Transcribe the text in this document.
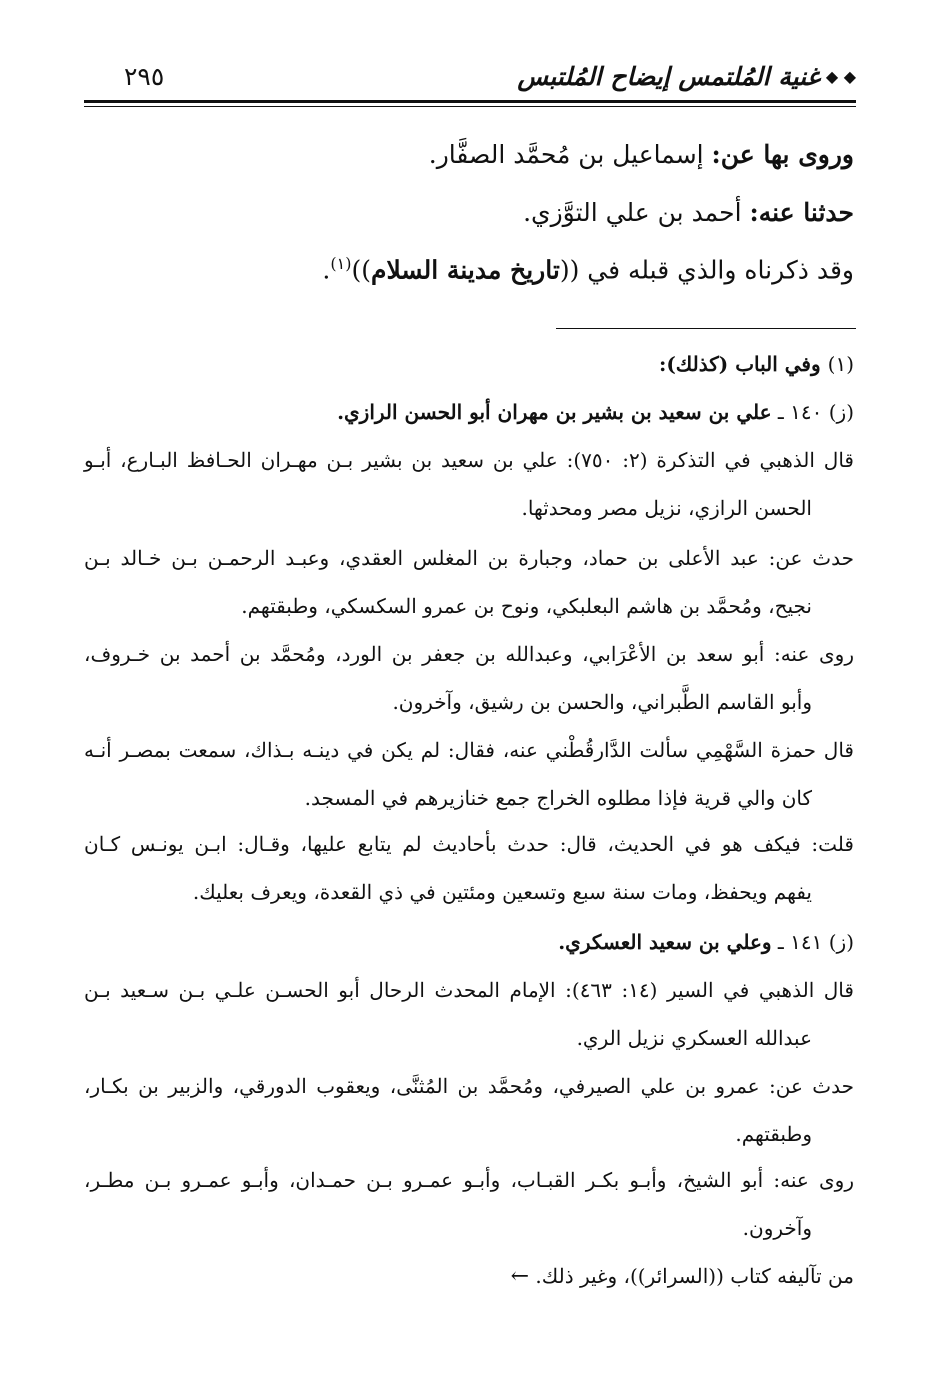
◆ ◆غنية المُلتمس إيضاح المُلتبس
٢٩٥
وروى بها عن: إسماعيل بن مُحمَّد الصفَّار.
حدثنا عنه: أحمد بن علي التوَّزي.
وقد ذكرناه والذي قبله في ((تاريخ مدينة السلام))$^{(١)}$.
(١) وفي الباب (كذلك):
(ز) ١٤٠ ـ علي بن سعيد بن بشير بن مهران أبو الحسن الرازي.
قال الذهبي في التذكرة (٢: ٧٥٠): علي بن سعيد بن بشير بـن مهـران الحـافظ البـارع، أبـو
الحسن الرازي، نزيل مصر ومحدثها.
حدث عن: عبد الأعلى بن حماد، وجبارة بن المغلس العقدي، وعبـد الرحمـن بـن خـالد بـن
نجيح، ومُحمَّد بن هاشم البعلبكي، ونوح بن عمرو السكسكي، وطبقتهم.
روى عنه: أبو سعد بن الأعْرَابي، وعبدالله بن جعفر بن الورد، ومُحمَّد بن أحمد بن خـروف،
وأبو القاسم الطَّبراني، والحسن بن رشيق، وآخرون.
قال حمزة السَّهْمِي سألت الدَّارقُطْني عنه، فقال: لم يكن في دينـه بـذاك، سمعت بمصـر أنـه
كان والي قرية فإذا مطلوه الخراج جمع خنازيرهم في المسجد.
قلت: فيكف هو في الحديث، قال: حدث بأحاديث لم يتابع عليها، وقـال: ابـن يونـس كـان
يفهم ويحفظ، ومات سنة سبع وتسعين ومئتين في ذي القعدة، ويعرف بعليك.
(ز) ١٤١ ـ وعلي بن سعيد العسكري.
قال الذهبي في السير (١٤: ٤٦٣): الإمام المحدث الرحال أبو الحسـن علـي بـن سـعيد بـن
عبدالله العسكري نزيل الري.
حدث عن: عمرو بن علي الصيرفي، ومُحمَّد بن المُثنَّى، ويعقوب الدورقي، والزبير بن بكـار،
وطبقتهم.
روى عنه: أبو الشيخ، وأبـو بكـر القبـاب، وأبـو عمـرو بـن حمـدان، وأبـو عمـرو بـن مطـر،
وآخرون.
من تآليفه كتاب ((السرائر))، وغير ذلك. ←
